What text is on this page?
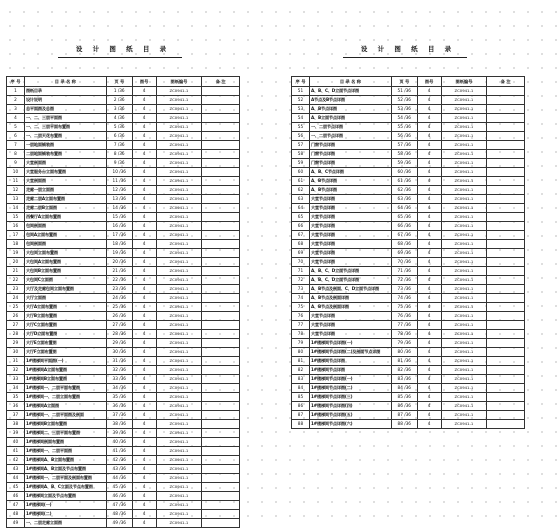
设 计 图 纸 目 录
序 号	目 录 名 称	页 号	图号	图纸编号	备 注
1	图纸目录	1 /36	4	ZC0941-1	
2	设计说明	2 /36	4	ZC0941-1	
3	总平面图及总图	3 /36	4	ZC0941-1	
4	一、二、三层平面图	4 /36	4	ZC0941-1	
5	一、二、三层平面布置图	5 /36	4	ZC0941-1	
6	一、二层天花布置图	6 /36	4	ZC0941-1	
7	一层地面铺装图	7 /36	4	ZC0941-1	
8	二层地面铺装布置图	8 /36	4	ZC0941-1	
9	大堂剖面图	9 /36	4	ZC0941-1	
10	大堂服务台立面布置图	10 /36	4	ZC0941-1	
11	大堂剖面图	11 /36	4	ZC0941-1	
12	走廊一层立面图	12 /36	4	ZC0941-1	
13	走廊二层A立面布置图	13 /36	4	ZC0941-1	
14	走廊二层B立面图	14 /36	4	ZC0941-1	
15	西餐厅A立面布置图	15 /36	4	ZC0941-1	
16	包间剖面图	16 /36	4	ZC0941-1	
17	包间A立面布置图	17 /36	4	ZC0941-1	
18	包间剖面图	18 /36	4	ZC0941-1	
19	大包间立面布置图	19 /36	4	ZC0941-1	
20	大包间A立面布置图	20 /36	4	ZC0941-1	
21	大包间B立面布置图	21 /36	4	ZC0941-1	
22	大包间C立面图	22 /36	4	ZC0941-1	
23	大厅及走廊包间立面布置图	23 /36	4	ZC0941-1	
24	大厅立面图	24 /36	4	ZC0941-1	
25	大厅A立面布置图	25 /36	4	ZC0941-1	
26	大厅B立面布置图	26 /36	4	ZC0941-1	
27	大厅C立面布置图	27 /36	4	ZC0941-1	
28	大厅D立面布置图	28 /36	4	ZC0941-1	
29	大厅E立面布置图	29 /36	4	ZC0941-1	
30	大厅F立面布置图	30 /36	4	ZC0941-1	
31	1#楼梯间平面图(一)	31 /36	4	ZC0941-1	
32	1#楼梯间A立面布置图	32 /36	4	ZC0941-1	
33	1#楼梯间B立面布置图	33 /36	4	ZC0941-1	
34	1#楼梯间一、二层平面布置图	34 /36	4	ZC0941-1	
35	1#楼梯间一、二层立面布置图	35 /36	4	ZC0941-1	
36	1#楼梯间A立面图	36 /36	4	ZC0941-1	
37	1#楼梯间一、二层平面图及剖面	37 /36	4	ZC0941-1	
38	1#楼梯间B立面布置图	38 /36	4	ZC0941-1	
39	1#楼梯间二、三层平面布置图	39 /36	4	ZC0941-1	
40	1#楼梯间剖面布置图	40 /36	4	ZC0941-1	
41	1#楼梯间一、二层平面图	41 /36	4	ZC0941-1	
42	1#楼梯间A、B立面布置图	42 /36	4	ZC0941-1	
43	1#楼梯间A、B立面及节点布置图	43 /36	4	ZC0941-1	
44	1#楼梯间一、二层平面及剖面布置图	44 /36	4	ZC0941-1	
45	1#楼梯间A、B、C立面及节点布置图	45 /36	4	ZC0941-1	
46	1#楼梯间立面及节点布置图	46 /36	4	ZC0941-1	
47	1#楼梯间(一)	47 /36	4	ZC0941-1	
48	1#楼梯间(二)	48 /36	4	ZC0941-1	
49	一、二层走廊立面图	49 /36	4	ZC0941-1	
设 计 图 纸 目 录
序 号	目 录 名 称	页 号	图号	图纸编号	备 注
51	A、B、C、D立面节点详图	51 /36	4	ZC0941-1	
52	A节点及B节点详图	52 /36	4	ZC0941-1	
53	A、B节点详图	53 /36	4	ZC0941-1	
54	A、B立面节点详图	54 /36	4	ZC0941-1	
55	一、二层节点详图	55 /36	4	ZC0941-1	
56	一、二层节点详图	56 /36	4	ZC0941-1	
57	门窗节点详图	57 /36	4	ZC0941-1	
58	门窗节点详图	58 /36	4	ZC0941-1	
59	门窗节点详图	59 /36	4	ZC0941-1	
60	A、B、C节点详图	60 /36	4	ZC0941-1	
61	A、B节点详图	61 /36	4	ZC0941-1	
62	A、B节点详图	62 /36	4	ZC0941-1	
63	大堂节点详图	63 /36	4	ZC0941-1	
64	大堂节点详图	64 /36	4	ZC0941-1	
65	大堂节点详图	65 /36	4	ZC0941-1	
66	大堂节点详图	66 /36	4	ZC0941-1	
67	大堂节点详图	67 /36	4	ZC0941-1	
68	大堂节点详图	68 /36	4	ZC0941-1	
69	大堂节点详图	69 /36	4	ZC0941-1	
70	大堂节点详图	70 /36	4	ZC0941-1	
71	A、B、C、D立面节点详图	71 /36	4	ZC0941-1	
72	A、B、C、D立面节点详图	72 /36	4	ZC0941-1	
73	A、B节点及剖面、C、D立面节点详图	73 /36	4	ZC0941-1	
74	A、B节点及剖面详图	74 /36	4	ZC0941-1	
75	A、B节点及剖面详图	75 /36	4	ZC0941-1	
76	大堂节点详图	76 /36	4	ZC0941-1	
77	大堂节点详图	77 /36	4	ZC0941-1	
78	大堂节点详图	78 /36	4	ZC0941-1	
79	1#楼梯间节点详图(一)	79 /36	4	ZC0941-1	
80	1#楼梯间节点详图(二)及剖面节点详图	80 /36	4	ZC0941-1	
81	1#楼梯间节点详图	81 /36	4	ZC0941-1	
82	1#楼梯间节点详图	82 /36	4	ZC0941-1	
83	1#楼梯间节点详图(一)	83 /36	4	ZC0941-1	
84	1#楼梯间节点详图(二)	84 /36	4	ZC0941-1	
85	1#楼梯间节点详图(三)	85 /36	4	ZC0941-1	
86	1#楼梯间节点详图(四)	86 /36	4	ZC0941-1	
87	1#楼梯间节点详图(五)	87 /36	4	ZC0941-1	
88	1#楼梯间节点详图(六)	88 /36	4	ZC0941-1	
